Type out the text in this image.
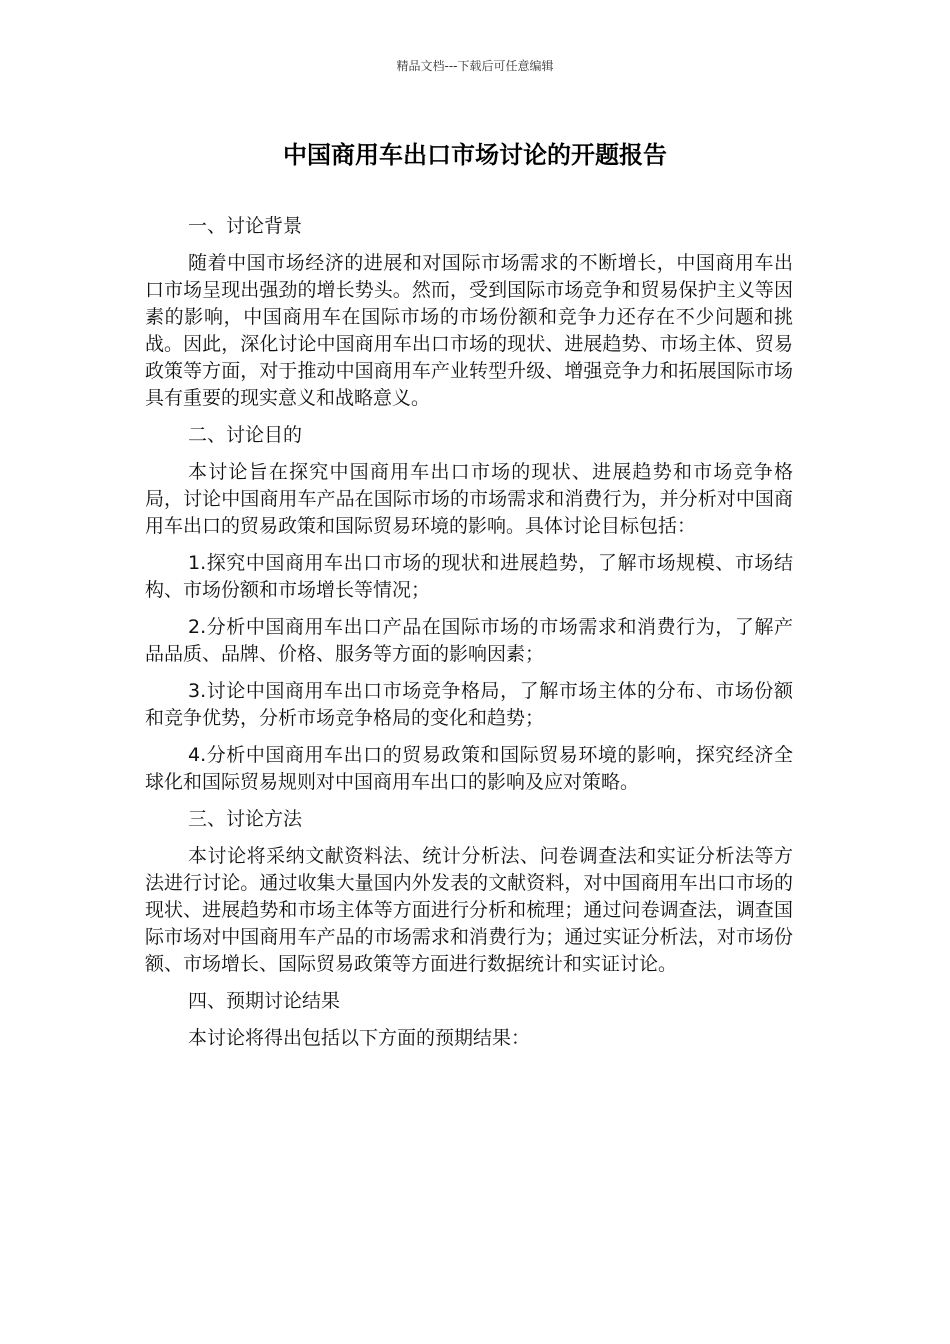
精品文档---下载后可任意编辑
中国商用车出口市场讨论的开题报告

一、讨论背景

随着中国市场经济的进展和对国际市场需求的不断增长，中国商用车出口市场呈现出强劲的增长势头。然而，受到国际市场竞争和贸易保护主义等因素的影响，中国商用车在国际市场的市场份额和竞争力还存在不少问题和挑战。因此，深化讨论中国商用车出口市场的现状、进展趋势、市场主体、贸易政策等方面，对于推动中国商用车产业转型升级、增强竞争力和拓展国际市场具有重要的现实意义和战略意义。

二、讨论目的

本讨论旨在探究中国商用车出口市场的现状、进展趋势和市场竞争格局，讨论中国商用车产品在国际市场的市场需求和消费行为，并分析对中国商用车出口的贸易政策和国际贸易环境的影响。具体讨论目标包括：

1.探究中国商用车出口市场的现状和进展趋势，了解市场规模、市场结构、市场份额和市场增长等情况；

2.分析中国商用车出口产品在国际市场的市场需求和消费行为，了解产品品质、品牌、价格、服务等方面的影响因素；

3.讨论中国商用车出口市场竞争格局，了解市场主体的分布、市场份额和竞争优势，分析市场竞争格局的变化和趋势；

4.分析中国商用车出口的贸易政策和国际贸易环境的影响，探究经济全球化和国际贸易规则对中国商用车出口的影响及应对策略。

三、讨论方法

本讨论将采纳文献资料法、统计分析法、问卷调查法和实证分析法等方法进行讨论。通过收集大量国内外发表的文献资料，对中国商用车出口市场的现状、进展趋势和市场主体等方面进行分析和梳理；通过问卷调查法，调查国际市场对中国商用车产品的市场需求和消费行为；通过实证分析法，对市场份额、市场增长、国际贸易政策等方面进行数据统计和实证讨论。

四、预期讨论结果

本讨论将得出包括以下方面的预期结果：
